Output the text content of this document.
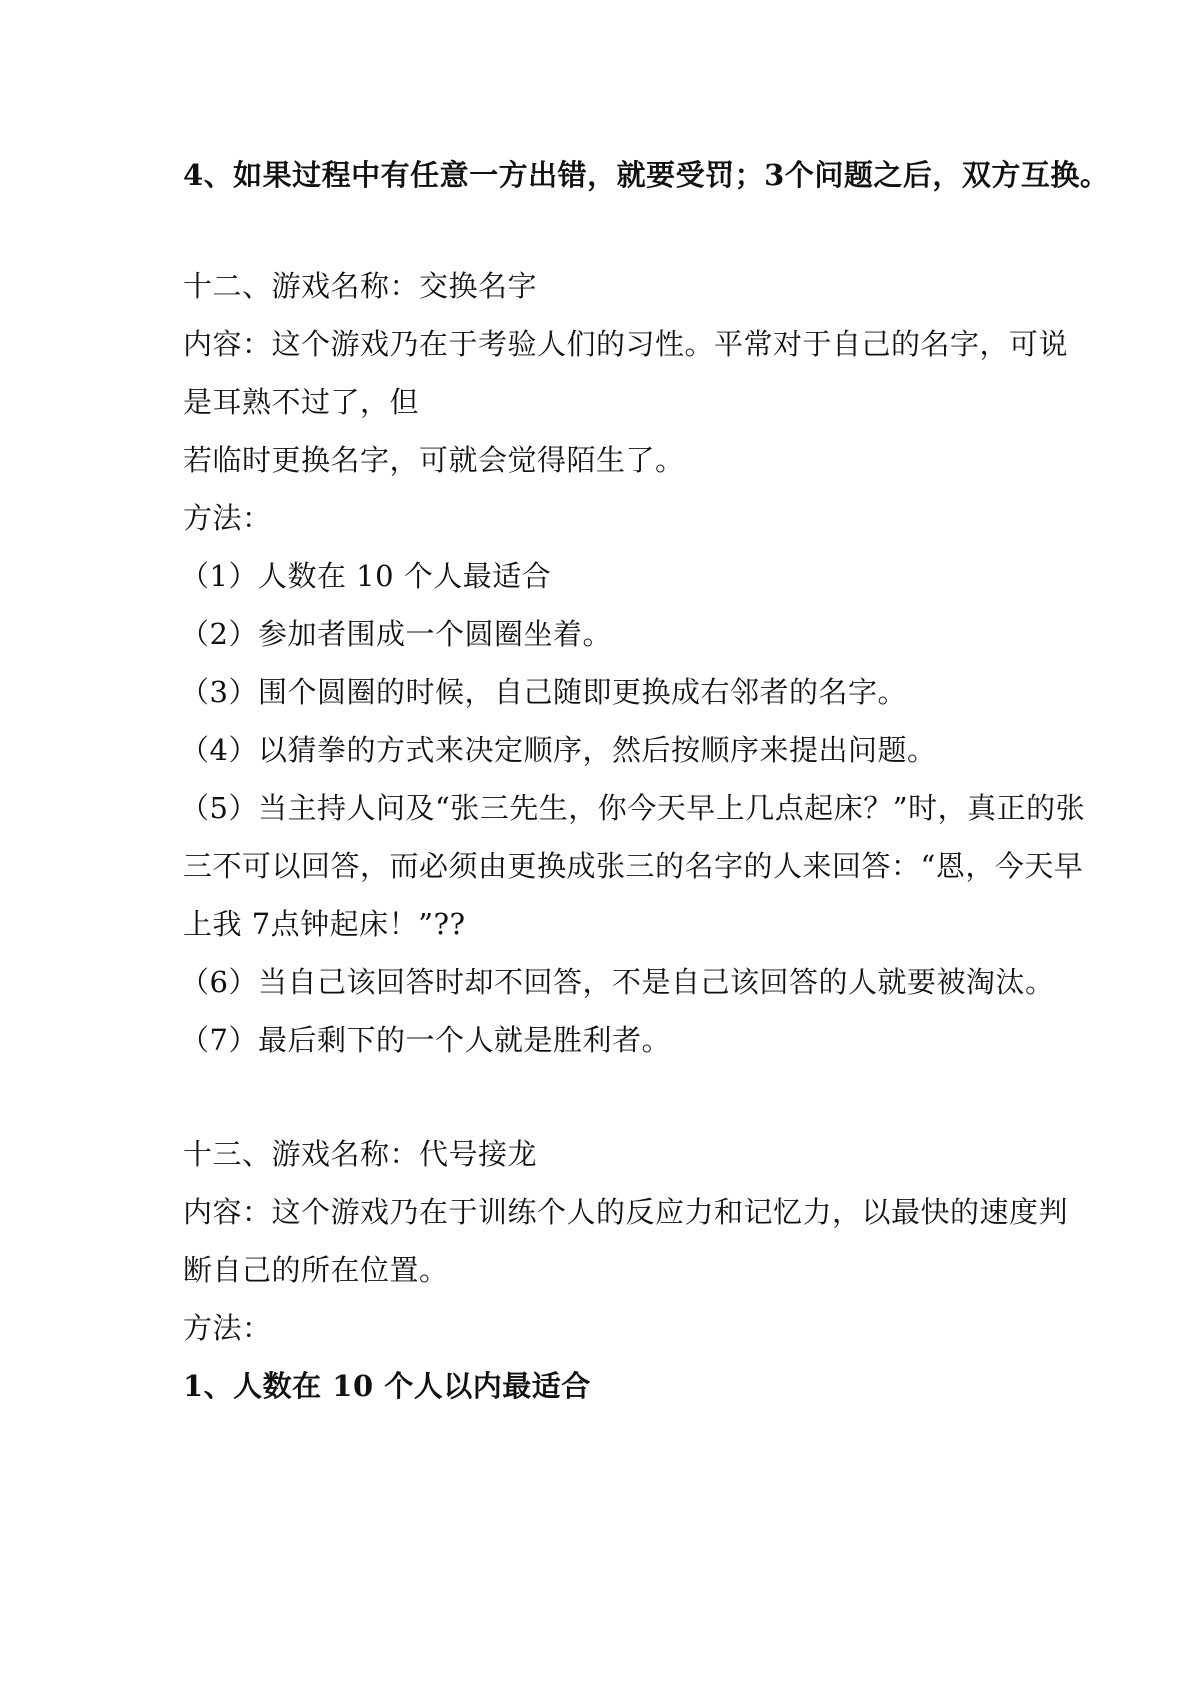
4、如果过程中有任意一方出错，就要受罚；3个问题之后，双方互换。
十二、游戏名称：交换名字
内容：这个游戏乃在于考验人们的习性。平常对于自己的名字，可说
是耳熟不过了，但
若临时更换名字，可就会觉得陌生了。
方法：
（1）人数在 10 个人最适合
（2）参加者围成一个圆圈坐着。
（3）围个圆圈的时候，自己随即更换成右邻者的名字。
（4）以猜拳的方式来决定顺序，然后按顺序来提出问题。
（5）当主持人问及“张三先生，你今天早上几点起床？”时，真正的张
三不可以回答，而必须由更换成张三的名字的人来回答：“恩，今天早
上我 7点钟起床！”??
（6）当自己该回答时却不回答，不是自己该回答的人就要被淘汰。
（7）最后剩下的一个人就是胜利者。
十三、游戏名称：代号接龙
内容：这个游戏乃在于训练个人的反应力和记忆力，以最快的速度判
断自己的所在位置。
方法：
1、人数在 10 个人以内最适合
